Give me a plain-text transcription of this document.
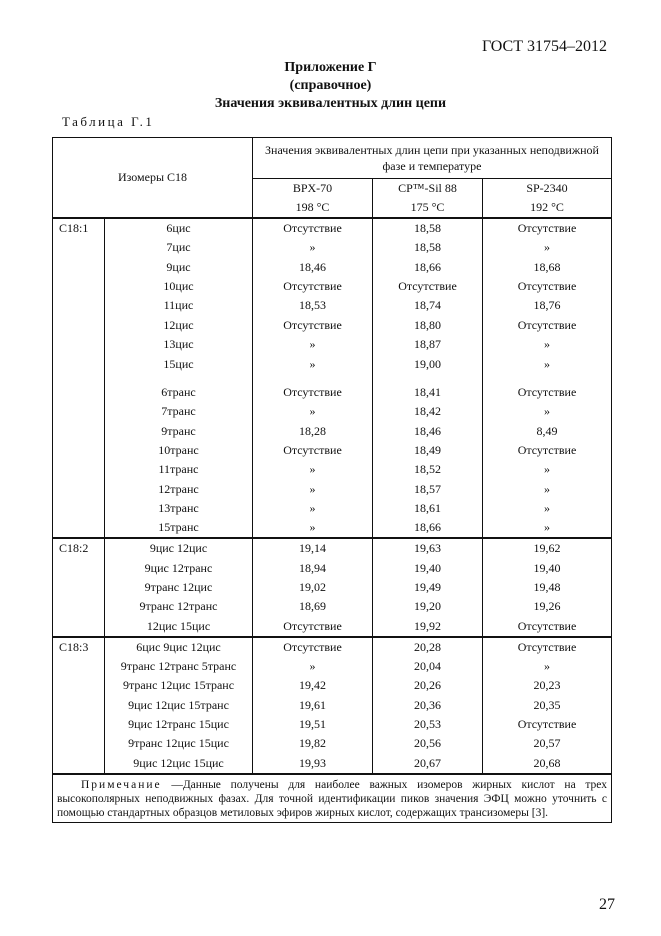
ГОСТ 31754–2012
Приложение Г
(справочное)
Значения эквивалентных длин цепи
Таблица Г.1
Изомеры С18		Значения эквивалентных длин цепи при указанных неподвижной фазе и температуре		
		BPX-70	CP™-Sil 88	SP-2340
		198 °C	175 °C	192 °C
C18:1	6цис	Отсутствие	18,58	Отсутствие
	7цис	»	18,58	»
	9цис	18,46	18,66	18,68
	10цис	Отсутствие	Отсутствие	Отсутствие
	11цис	18,53	18,74	18,76
	12цис	Отсутствие	18,80	Отсутствие
	13цис	»	18,87	»
	15цис	»	19,00	»

	6транс	Отсутствие	18,41	Отсутствие
	7транс	»	18,42	»
	9транс	18,28	18,46	8,49
	10транс	Отсутствие	18,49	Отсутствие
	11транс	»	18,52	»
	12транс	»	18,57	»
	13транс	»	18,61	»
	15транс	»	18,66	»
C18:2	9цис 12цис	19,14	19,63	19,62
	9цис 12транс	18,94	19,40	19,40
	9транс 12цис	19,02	19,49	19,48
	9транс 12транс	18,69	19,20	19,26
	12цис 15цис	Отсутствие	19,92	Отсутствие
C18:3	6цис 9цис 12цис	Отсутствие	20,28	Отсутствие
	9транс 12транс 5транс	»	20,04	»
	9транс 12цис 15транс	19,42	20,26	20,23
	9цис 12цис 15транс	19,61	20,36	20,35
	9цис 12транс 15цис	19,51	20,53	Отсутствие
	9транс 12цис 15цис	19,82	20,56	20,57
	9цис 12цис 15цис	19,93	20,67	20,68
Примечание —Данные получены для наиболее важных изомеров жирных кислот на трех высокополярных неподвижных фазах. Для точной идентификации пиков значения ЭФЦ можно уточнить с помощью стандартных образцов метиловых эфиров жирных кислот, содержащих трансизомеры [3].				
27
